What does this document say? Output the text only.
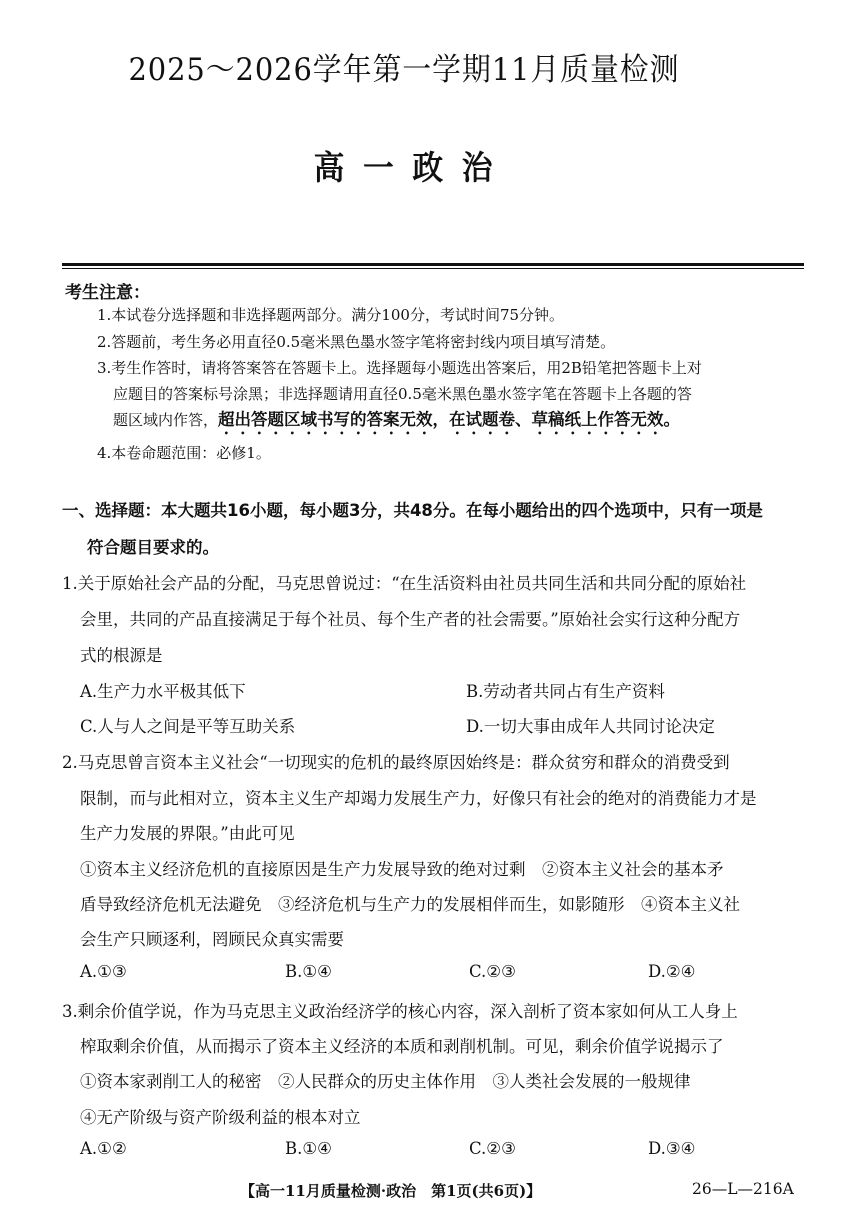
2025～2026学年第一学期11月质量检测
高一政治
考生注意：
1.本试卷分选择题和非选择题两部分。满分100分，考试时间75分钟。
2.答题前，考生务必用直径0.5毫米黑色墨水签字笔将密封线内项目填写清楚。
3.考生作答时，请将答案答在答题卡上。选择题每小题选出答案后，用2B铅笔把答题卡上对
应题目的答案标号涂黑；非选择题请用直径0.5毫米黑色墨水签字笔在答题卡上各题的答
题区域内作答，超出答题区域书写的答案无效，在试题卷、草稿纸上作答无效。
4.本卷命题范围：必修1。
一、选择题：本大题共16小题，每小题3分，共48分。在每小题给出的四个选项中，只有一项是
符合题目要求的。
1.关于原始社会产品的分配，马克思曾说过：“在生活资料由社员共同生活和共同分配的原始社
会里，共同的产品直接满足于每个社员、每个生产者的社会需要。”原始社会实行这种分配方
式的根源是
A.生产力水平极其低下	B.劳动者共同占有生产资料
C.人与人之间是平等互助关系	D.一切大事由成年人共同讨论决定
2.马克思曾言资本主义社会“一切现实的危机的最终原因始终是：群众贫穷和群众的消费受到
限制，而与此相对立，资本主义生产却竭力发展生产力，好像只有社会的绝对的消费能力才是
生产力发展的界限。”由此可见
①资本主义经济危机的直接原因是生产力发展导致的绝对过剩　②资本主义社会的基本矛
盾导致经济危机无法避免　③经济危机与生产力的发展相伴而生，如影随形　④资本主义社
会生产只顾逐利，罔顾民众真实需要
A.①③	B.①④	C.②③	D.②④
3.剩余价值学说，作为马克思主义政治经济学的核心内容，深入剖析了资本家如何从工人身上
榨取剩余价值，从而揭示了资本主义经济的本质和剥削机制。可见，剩余价值学说揭示了
①资本家剥削工人的秘密　②人民群众的历史主体作用　③人类社会发展的一般规律
④无产阶级与资产阶级利益的根本对立
A.①②	B.①④	C.②③	D.③④
【高一11月质量检测·政治　第1页(共6页)】	26—L—216A
